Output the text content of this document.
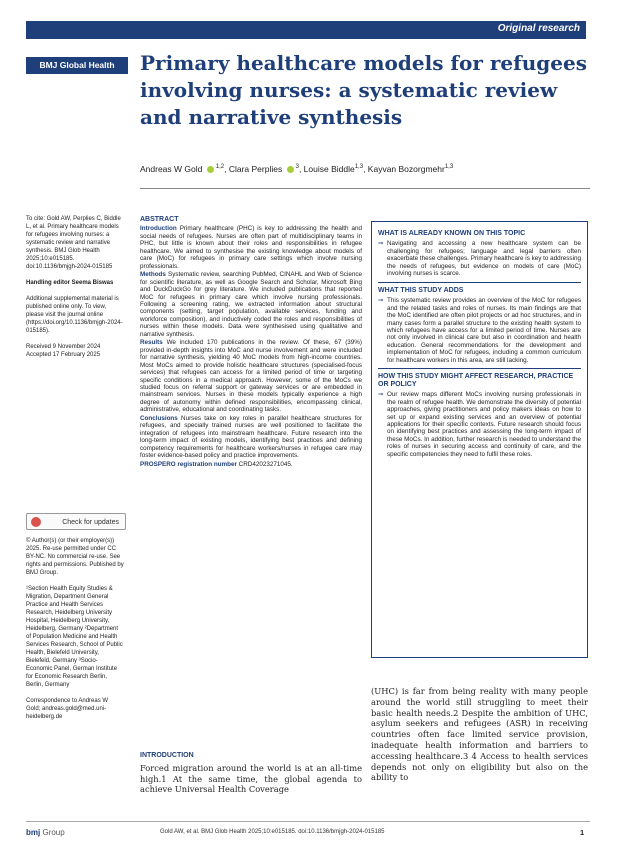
Original research
BMJ Global Health	Primary healthcare models for refugees involving nurses: a systematic review and narrative synthesis
Andreas W Gold $^{1,2}$, Clara Perplies $^3$, Louise Biddle$^{1,3}$, Kayvan Bozorgmehr$^{1,3}$

To cite: Gold AW, Perplies C, Biddle L, et al. Primary healthcare models for refugees involving nurses: a systematic review and narrative synthesis. BMJ Glob Health 2025;10:e015185. doi:10.1136/bmjgh-2024-015185

Handling editor Seema Biswas

Additional supplemental material is published online only. To view, please visit the journal online (https://doi.org/10.1136/bmjgh-2024-015185).

Received 9 November 2024
Accepted 17 February 2025

Check for updates

© Author(s) (or their employer(s)) 2025. Re-use permitted under CC BY-NC. No commercial re-use. See rights and permissions. Published by BMJ Group.

¹Section Health Equity Studies & Migration, Department General Practice and Health Services Research, Heidelberg University Hospital, Heidelberg University, Heidelberg, Germany ²Department of Population Medicine and Health Services Research, School of Public Health, Bielefeld University, Bielefeld, Germany ³Socio-Economic Panel, German Institute for Economic Research Berlin, Berlin, Germany

Correspondence to Andreas W Gold; andreas.gold@med.uni-heidelberg.de

ABSTRACT

Introduction Primary healthcare (PHC) is key to addressing the health and social needs of refugees. Nurses are often part of multidisciplinary teams in PHC, but little is known about their roles and responsibilities in refugee healthcare. We aimed to synthesise the existing knowledge about models of care (MoC) for refugees in primary care settings which involve nursing professionals.

Methods Systematic review, searching PubMed, CINAHL and Web of Science for scientific literature, as well as Google Search and Scholar, Microsoft Bing and DuckDuckGo for grey literature. We included publications that reported MoC for refugees in primary care which involve nursing professionals. Following a screening rating, we extracted information about structural components (setting, target population, available services, funding and workforce composition), and inductively coded the roles and responsibilities of nurses within these models. Data were synthesised using qualitative and narrative synthesis.

Results We included 170 publications in the review. Of these, 67 (39%) provided in-depth insights into MoC and nurse involvement and were included for narrative synthesis, yielding 40 MoC models from high-income countries. Most MoCs aimed to provide holistic healthcare structures (specialised-focus services) that refugees can access for a limited period of time or targeting specific conditions in a medical approach. However, some of the MoCs we studied focus on referral support or gateway services or are embedded in mainstream services. Nurses in these models typically experience a high degree of autonomy within defined responsibilities, encompassing clinical, administrative, educational and coordinating tasks.

Conclusions Nurses take on key roles in parallel healthcare structures for refugees, and specially trained nurses are well positioned to facilitate the integration of refugees into mainstream healthcare. Future research into the long-term impact of existing models, identifying best practices and defining competency requirements for healthcare workers/nurses in refugee care may foster evidence-based policy and practice improvements.

PROSPERO registration number CRD42023271045.

WHAT IS ALREADY KNOWN ON THIS TOPIC
⇒ Navigating and accessing a new healthcare system can be challenging for refugees; language and legal barriers often exacerbate these challenges. Primary healthcare is key to addressing the needs of refugees, but evidence on models of care (MoC) involving nurses is scarce.
WHAT THIS STUDY ADDS
⇒ This systematic review provides an overview of the MoC for refugees and the related tasks and roles of nurses. Its main findings are that the MoC identified are often pilot projects or ad hoc structures, and in many cases form a parallel structure to the existing health system to which refugees have access for a limited period of time. Nurses are not only involved in clinical care but also in coordination and health education. General recommendations for the development and implementation of MoC for refugees, including a common curriculum for healthcare workers in this area, are still lacking.
HOW THIS STUDY MIGHT AFFECT RESEARCH, PRACTICE OR POLICY
⇒ Our review maps different MoCs involving nursing professionals in the realm of refugee health. We demonstrate the diversity of potential approaches, giving practitioners and policy makers ideas on how to set up or expand existing services and an overview of potential applications for their specific contexts. Future research should focus on identifying best practices and assessing the long-term impact of these MoCs. In addition, further research is needed to understand the roles of nurses in securing access and continuity of care, and the specific competencies they need to fulfil these roles.
INTRODUCTION

Forced migration around the world is at an all-time high.1 At the same time, the global agenda to achieve Universal Health Coverage

(UHC) is far from being reality with many people around the world still struggling to meet their basic health needs.2 Despite the ambition of UHC, asylum seekers and refugees (ASR) in receiving countries often face limited service provision, inadequate health information and barriers to accessing healthcare.3 4 Access to health services depends not only on eligibility but also on the ability to

bmj Group	Gold AW, et al. BMJ Glob Health 2025;10:e015185. doi:10.1136/bmjgh-2024-015185	1
